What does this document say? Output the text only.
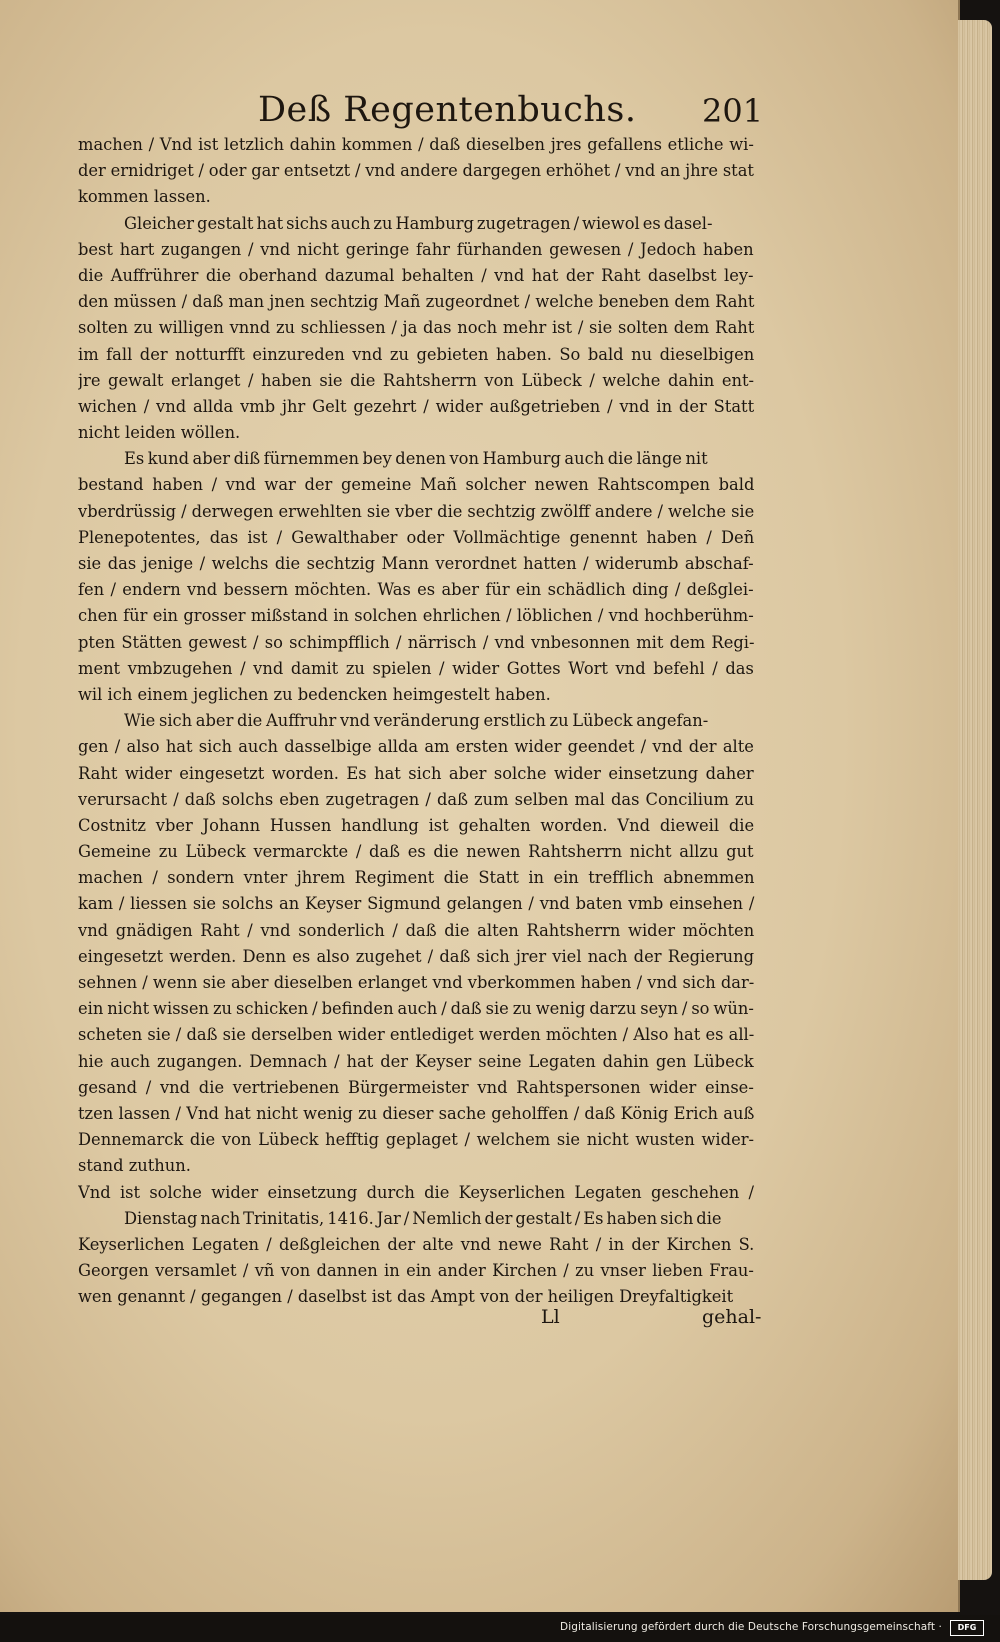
Deß Regentenbuchs. 201
machen / Vnd ist letzlich dahin kommen / daß dieselben jres gefallens etliche wi-
der ernidriget / oder gar entsetzt / vnd andere dargegen erhöhet / vnd an jhre stat
kommen lassen.
Gleicher gestalt hat sichs auch zu Hamburg zugetragen / wiewol es dasel-
best hart zugangen / vnd nicht geringe fahr fürhanden gewesen / Jedoch haben
die Auffrührer die oberhand dazumal behalten / vnd hat der Raht daselbst ley-
den müssen / daß man jnen sechtzig Mañ zugeordnet / welche beneben dem Raht
solten zu willigen vnnd zu schliessen / ja das noch mehr ist / sie solten dem Raht
im fall der notturfft einzureden vnd zu gebieten haben. So bald nu dieselbigen
jre gewalt erlanget / haben sie die Rahtsherrn von Lübeck / welche dahin ent-
wichen / vnd allda vmb jhr Gelt gezehrt / wider außgetrieben / vnd in der Statt
nicht leiden wöllen.
Es kund aber diß fürnemmen bey denen von Hamburg auch die länge nit
bestand haben / vnd war der gemeine Mañ solcher newen Rahtscompen bald
vberdrüssig / derwegen erwehlten sie vber die sechtzig zwölff andere / welche sie
Plenepotentes, das ist / Gewalthaber oder Vollmächtige genennt haben / Deñ
sie das jenige / welchs die sechtzig Mann verordnet hatten / widerumb abschaf-
fen / endern vnd bessern möchten. Was es aber für ein schädlich ding / deßglei-
chen für ein grosser mißstand in solchen ehrlichen / löblichen / vnd hochberühm-
pten Stätten gewest / so schimpfflich / närrisch / vnd vnbesonnen mit dem Regi-
ment vmbzugehen / vnd damit zu spielen / wider Gottes Wort vnd befehl / das
wil ich einem jeglichen zu bedencken heimgestelt haben.
Wie sich aber die Auffruhr vnd veränderung erstlich zu Lübeck angefan-
gen / also hat sich auch dasselbige allda am ersten wider geendet / vnd der alte
Raht wider eingesetzt worden. Es hat sich aber solche wider einsetzung daher
verursacht / daß solchs eben zugetragen / daß zum selben mal das Concilium zu
Costnitz vber Johann Hussen handlung ist gehalten worden. Vnd dieweil die
Gemeine zu Lübeck vermarckte / daß es die newen Rahtsherrn nicht allzu gut
machen / sondern vnter jhrem Regiment die Statt in ein trefflich abnemmen
kam / liessen sie solchs an Keyser Sigmund gelangen / vnd baten vmb einsehen /
vnd gnädigen Raht / vnd sonderlich / daß die alten Rahtsherrn wider möchten
eingesetzt werden. Denn es also zugehet / daß sich jrer viel nach der Regierung
sehnen / wenn sie aber dieselben erlanget vnd vberkommen haben / vnd sich dar-
ein nicht wissen zu schicken / befinden auch / daß sie zu wenig darzu seyn / so wün-
scheten sie / daß sie derselben wider entlediget werden möchten / Also hat es all-
hie auch zugangen. Demnach / hat der Keyser seine Legaten dahin gen Lübeck
gesand / vnd die vertriebenen Bürgermeister vnd Rahtspersonen wider einse-
tzen lassen / Vnd hat nicht wenig zu dieser sache geholffen / daß König Erich auß
Dennemarck die von Lübeck hefftig geplaget / welchem sie nicht wusten wider-
stand zuthun.
Vnd ist solche wider einsetzung durch die Keyserlichen Legaten geschehen /
Dienstag nach Trinitatis, 1416. Jar / Nemlich der gestalt / Es haben sich die
Keyserlichen Legaten / deßgleichen der alte vnd newe Raht / in der Kirchen S.
Georgen versamlet / vñ von dannen in ein ander Kirchen / zu vnser lieben Frau-
wen genannt / gegangen / daselbst ist das Ampt von der heiligen Dreyfaltigkeit
Ll	gehal-
Digitalisierung gefördert durch die Deutsche Forschungsgemeinschaft ·	DFG
